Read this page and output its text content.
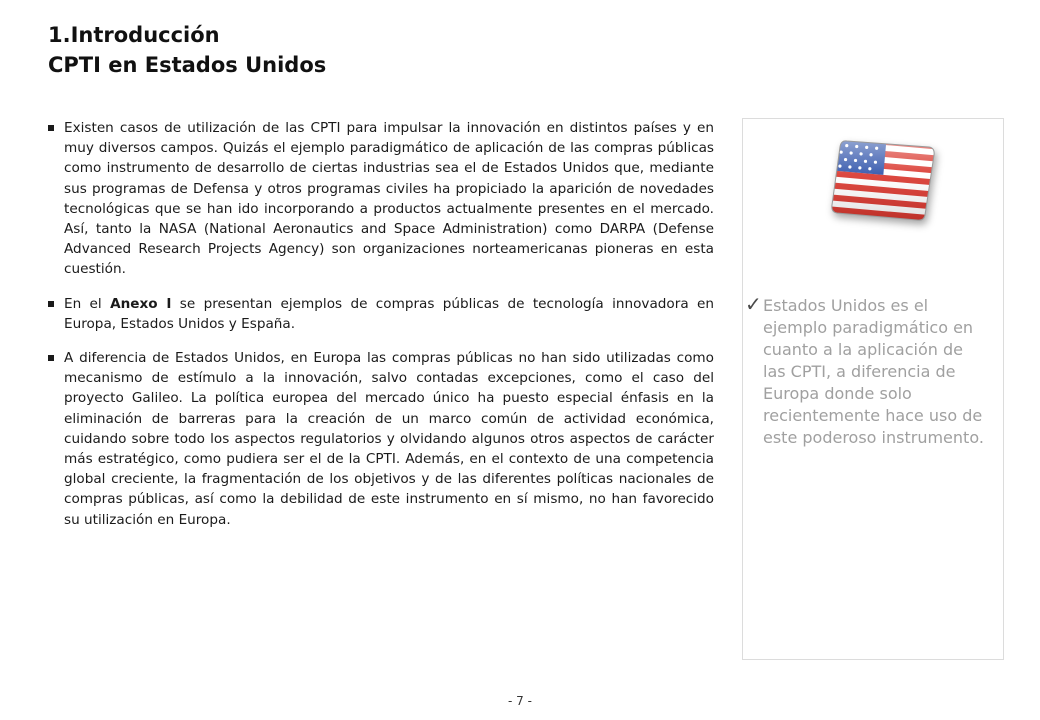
1.Introducción
CPTI en Estados Unidos

Existen casos de utilización de las CPTI para impulsar la innovación en distintos países y en muy diversos campos. Quizás el ejemplo paradigmático de aplicación de las compras públicas como instrumento de desarrollo de ciertas industrias sea el de Estados Unidos que, mediante sus programas de Defensa y otros programas civiles ha propiciado la aparición de novedades tecnológicas que se han ido incorporando a productos actualmente presentes en el mercado. Así, tanto la NASA (National Aeronautics and Space Administration) como DARPA (Defense Advanced Research Projects Agency) son organizaciones norteamericanas pioneras en esta cuestión.

En el Anexo I se presentan ejemplos de compras públicas de tecnología innovadora en Europa, Estados Unidos y España.

A diferencia de Estados Unidos, en Europa las compras públicas no han sido utilizadas como mecanismo de estímulo a la innovación, salvo contadas excepciones, como el caso del proyecto Galileo. La política europea del mercado único ha puesto especial énfasis en la eliminación de barreras para la creación de un marco común de actividad económica, cuidando sobre todo los aspectos regulatorios y olvidando algunos otros aspectos de carácter más estratégico, como pudiera ser el de la CPTI. Además, en el contexto de una competencia global creciente, la fragmentación de los objetivos y de las diferentes políticas nacionales de compras públicas, así como la debilidad de este instrumento en sí mismo, no han favorecido su utilización en Europa.

✓ Estados Unidos es el ejemplo paradigmático en cuanto a la aplicación de las CPTI, a diferencia de Europa donde solo recientemente hace uso de este poderoso instrumento.
- 7 -
